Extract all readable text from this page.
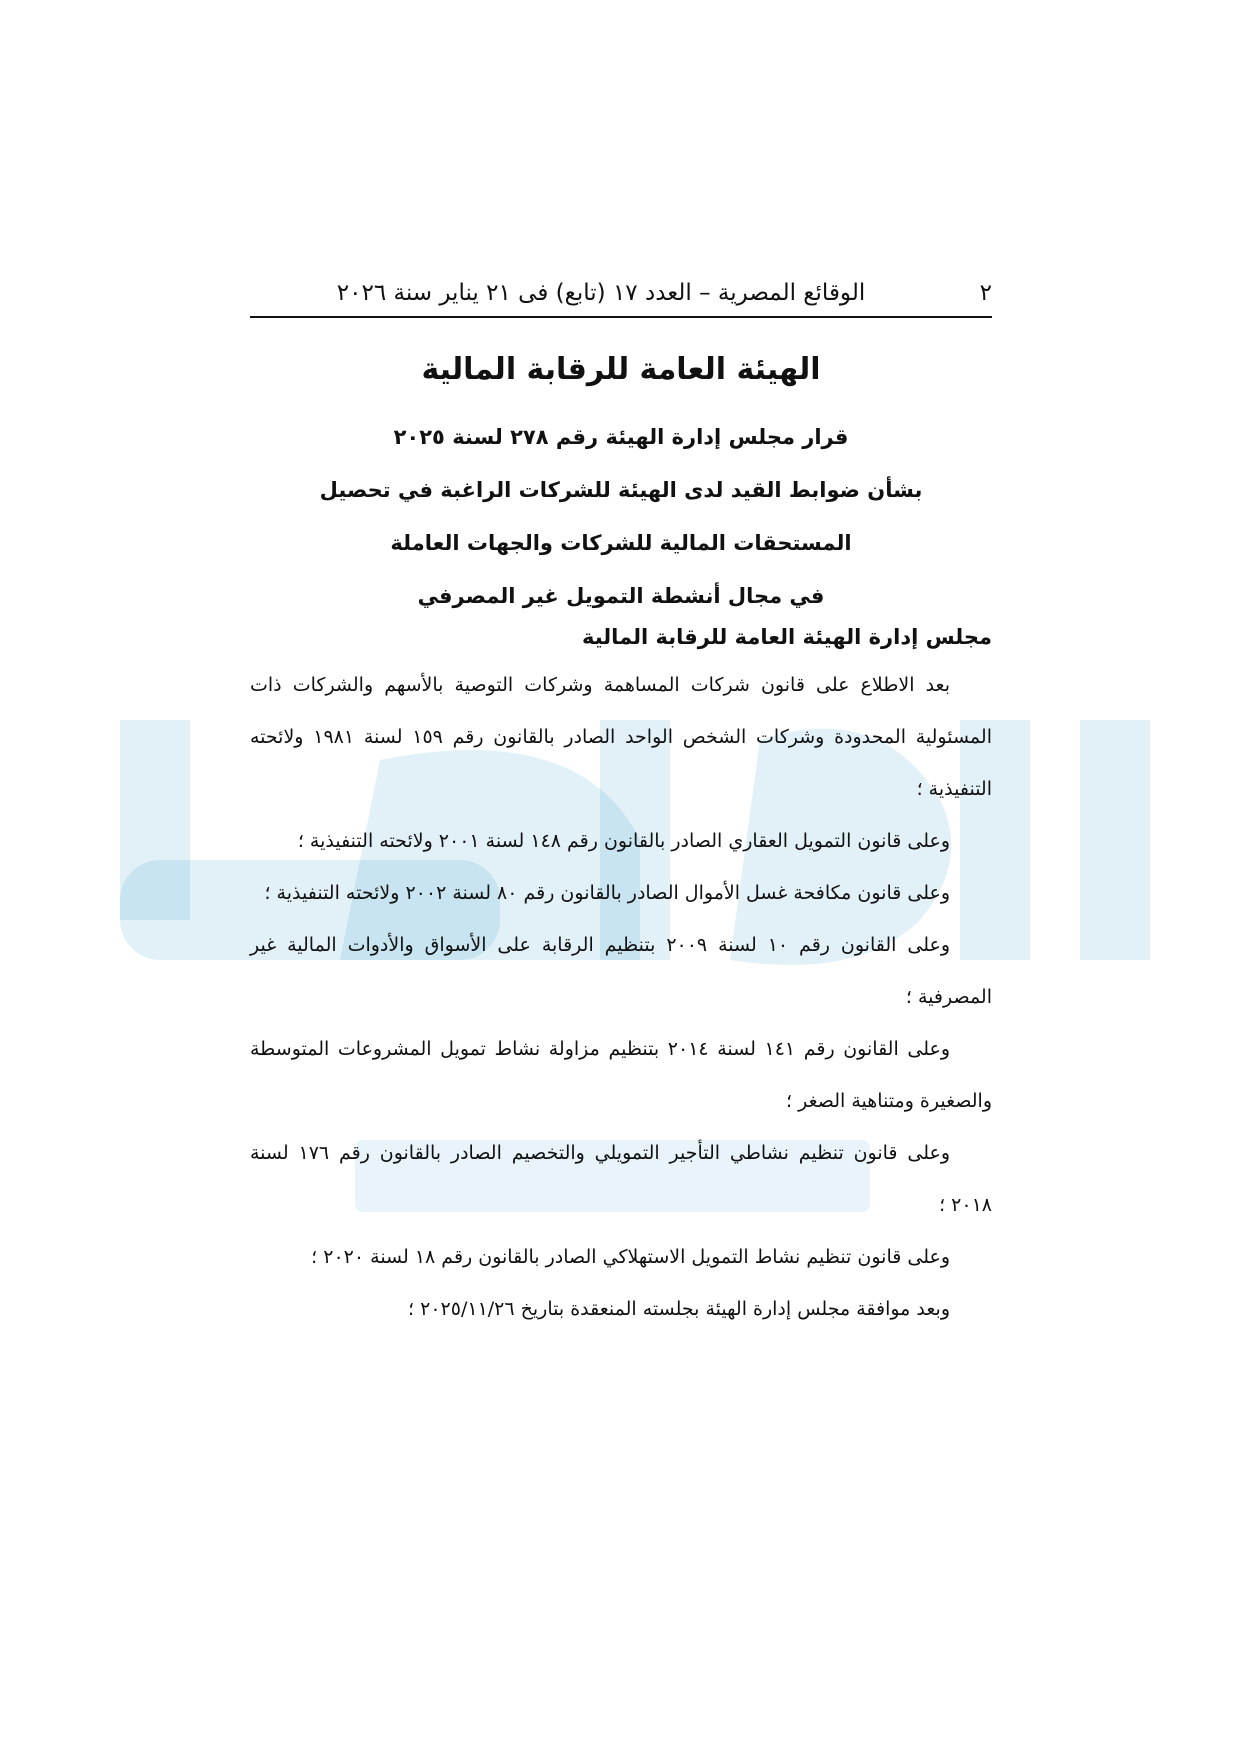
٢
الوقائع المصرية – العدد ١٧ (تابع) فى ٢١ يناير سنة ٢٠٢٦
الهيئة العامة للرقابة المالية
قرار مجلس إدارة الهيئة رقم ٢٧٨ لسنة ٢٠٢٥
بشأن ضوابط القيد لدى الهيئة للشركات الراغبة في تحصيل
المستحقات المالية للشركات والجهات العاملة
في مجال أنشطة التمويل غير المصرفي
مجلس إدارة الهيئة العامة للرقابة المالية

بعد الاطلاع على قانون شركات المساهمة وشركات التوصية بالأسهم والشركات ذات المسئولية المحدودة وشركات الشخص الواحد الصادر بالقانون رقم ١٥٩ لسنة ١٩٨١ ولائحته التنفيذية ؛

وعلى قانون التمويل العقاري الصادر بالقانون رقم ١٤٨ لسنة ٢٠٠١ ولائحته التنفيذية ؛

وعلى قانون مكافحة غسل الأموال الصادر بالقانون رقم ٨٠ لسنة ٢٠٠٢ ولائحته التنفيذية ؛

وعلى القانون رقم ١٠ لسنة ٢٠٠٩ بتنظيم الرقابة على الأسواق والأدوات المالية غير المصرفية ؛

وعلى القانون رقم ١٤١ لسنة ٢٠١٤ بتنظيم مزاولة نشاط تمويل المشروعات المتوسطة والصغيرة ومتناهية الصغر ؛

وعلى قانون تنظيم نشاطي التأجير التمويلي والتخصيم الصادر بالقانون رقم ١٧٦ لسنة ٢٠١٨ ؛

وعلى قانون تنظيم نشاط التمويل الاستهلاكي الصادر بالقانون رقم ١٨ لسنة ٢٠٢٠ ؛

وبعد موافقة مجلس إدارة الهيئة بجلسته المنعقدة بتاريخ ٢٠٢٥/١١/٢٦ ؛
